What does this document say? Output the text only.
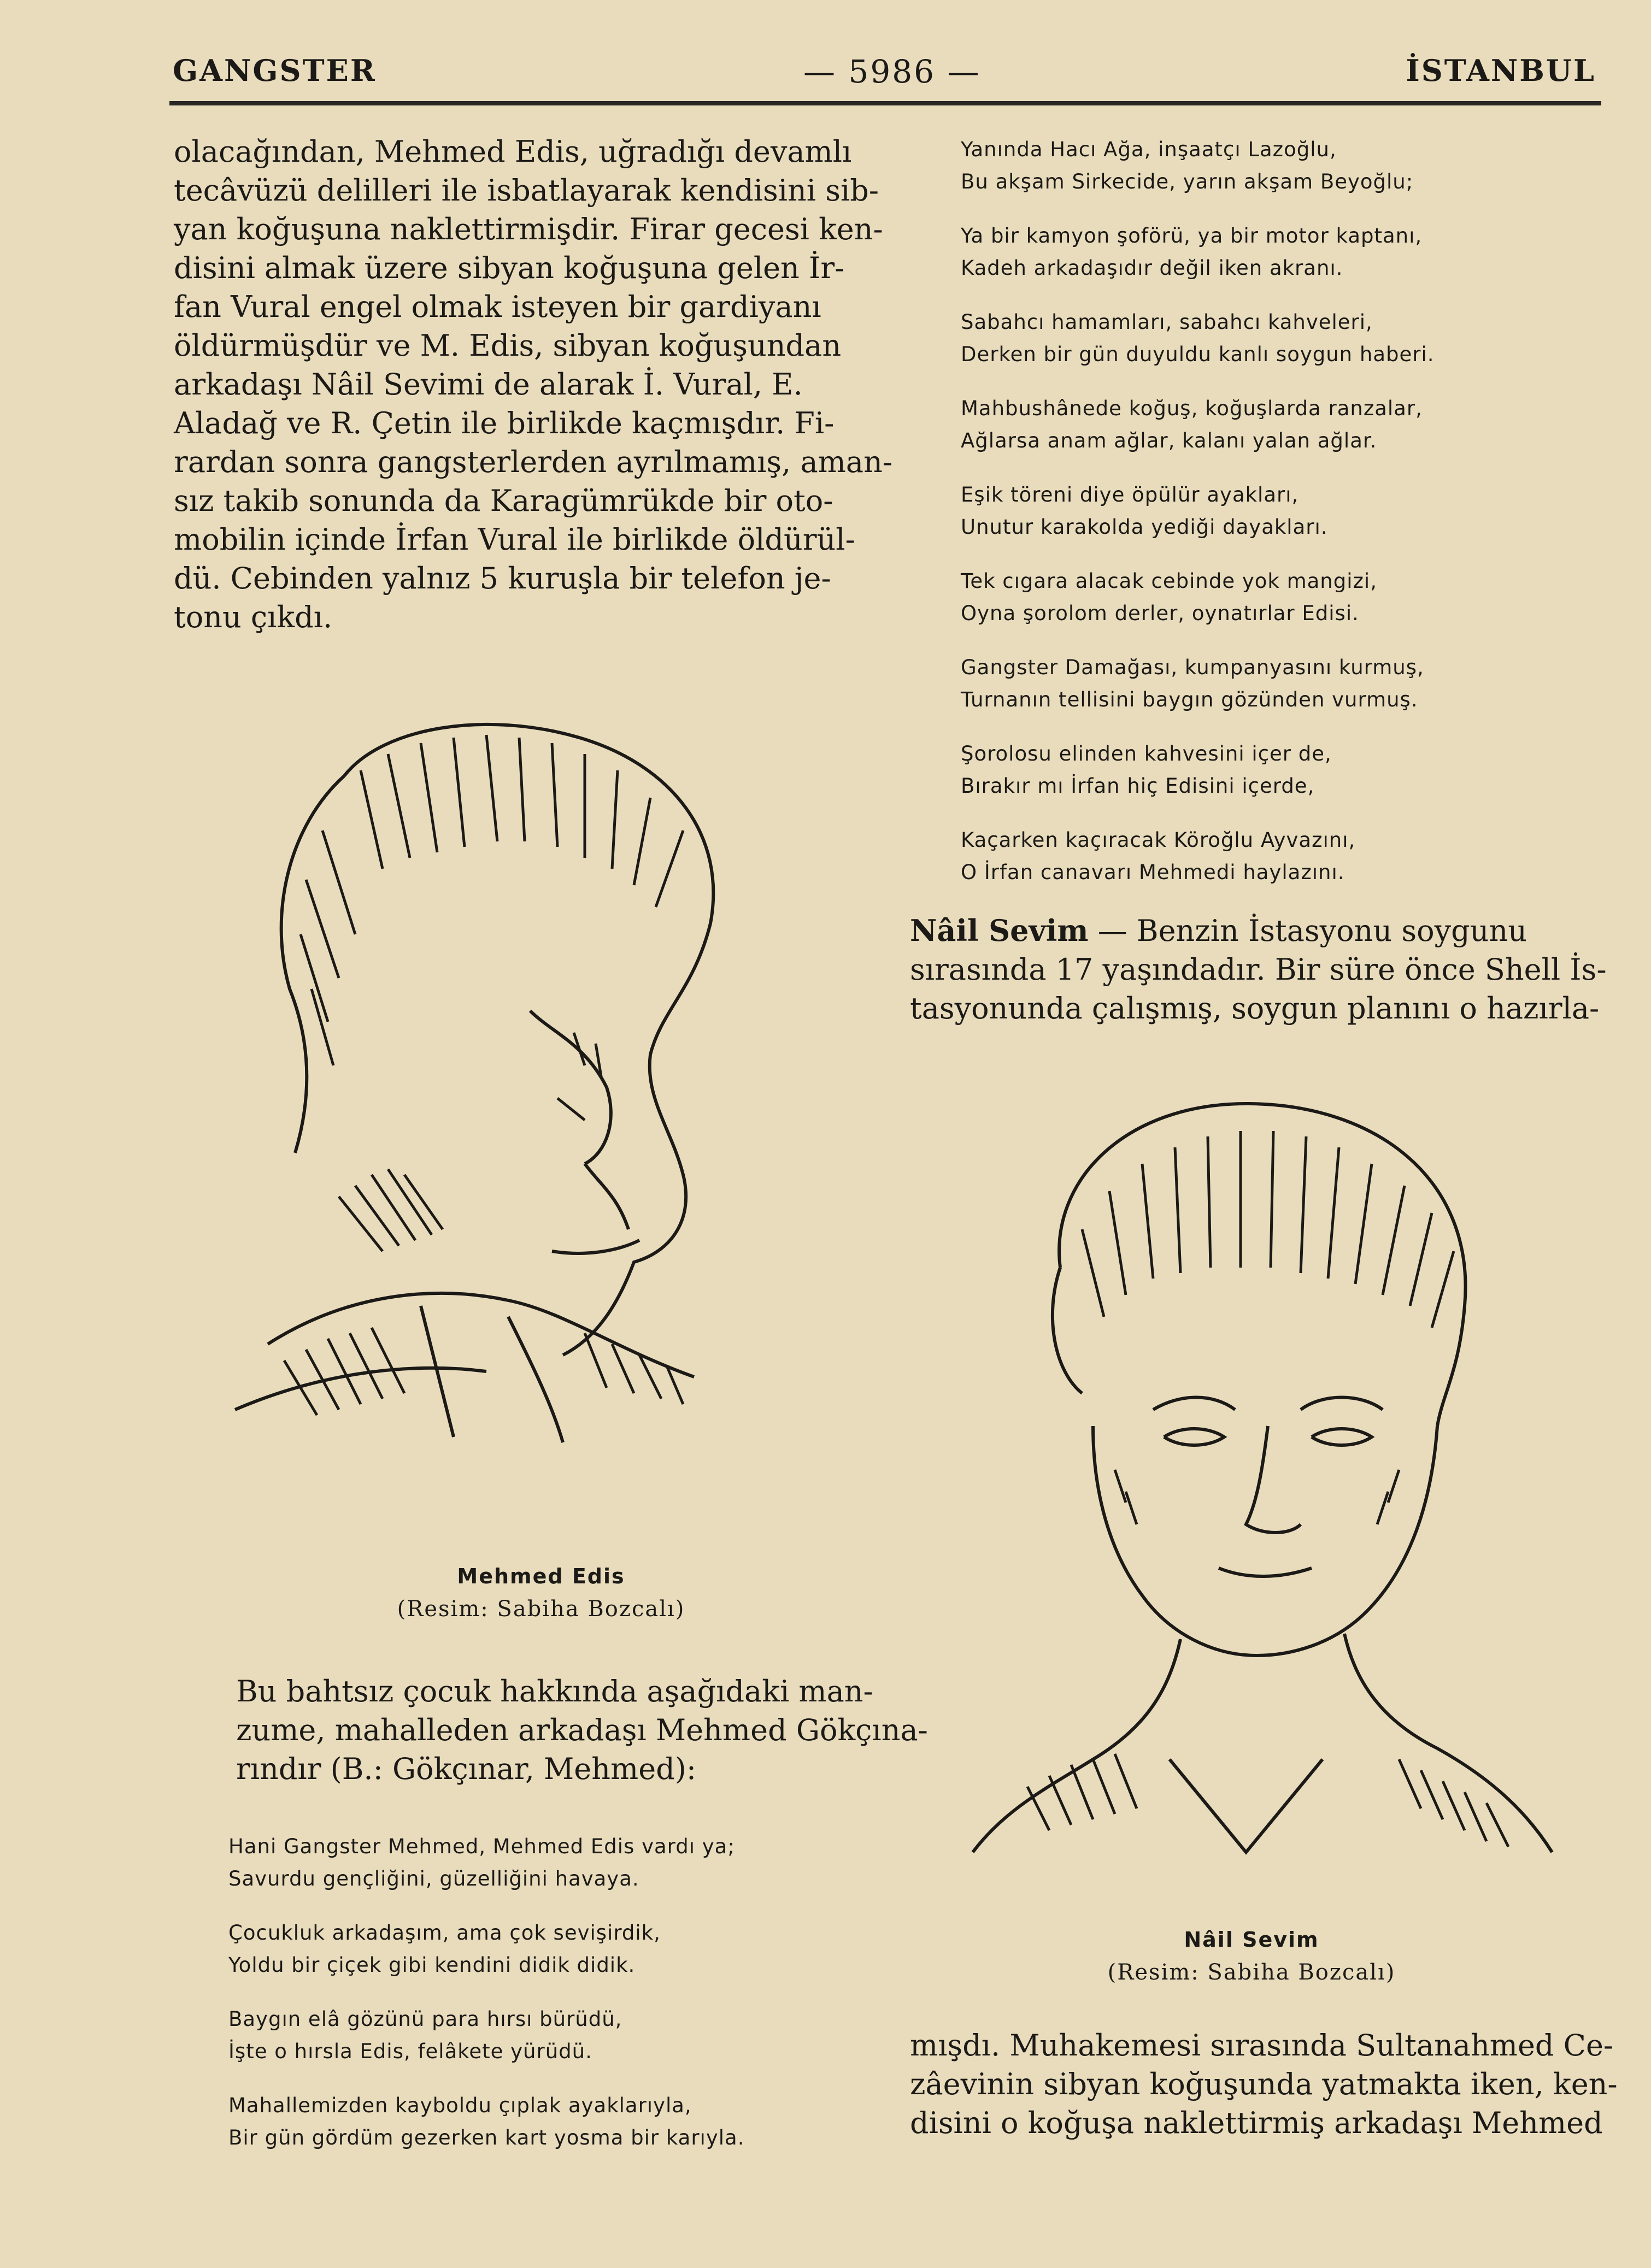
GANGSTER	— 5986 —	İSTANBUL
olacağından, Mehmed Edis, uğradığı devamlı
tecâvüzü delilleri ile isbatlayarak kendisini sib-
yan koğuşuna naklettirmişdir. Firar gecesi ken-
disini almak üzere sibyan koğuşuna gelen İr-
fan Vural engel olmak isteyen bir gardiyanı
öldürmüşdür ve M. Edis, sibyan koğuşundan
arkadaşı Nâil Sevimi de alarak İ. Vural, E.
Aladağ ve R. Çetin ile birlikde kaçmışdır. Fi-
rardan sonra gangsterlerden ayrılmamış, aman-
sız takib sonunda da Karagümrükde bir oto-
mobilin içinde İrfan Vural ile birlikde öldürül-
dü. Cebinden yalnız 5 kuruşla bir telefon je-
tonu çıkdı.
Mehmed Edis
(Resim: Sabiha Bozcalı)
Bu bahtsız çocuk hakkında aşağıdaki man-
zume, mahalleden arkadaşı Mehmed Gökçına-
rındır (B.: Gökçınar, Mehmed):
Hani Gangster Mehmed, Mehmed Edis vardı ya;
Savurdu gençliğini, güzelliğini havaya.
Çocukluk arkadaşım, ama çok sevişirdik,
Yoldu bir çiçek gibi kendini didik didik.
Baygın elâ gözünü para hırsı bürüdü,
İşte o hırsla Edis, felâkete yürüdü.
Mahallemizden kayboldu çıplak ayaklarıyla,
Bir gün gördüm gezerken kart yosma bir karıyla.
Yanında Hacı Ağa, inşaatçı Lazoğlu,
Bu akşam Sirkecide, yarın akşam Beyoğlu;
Ya bir kamyon şoförü, ya bir motor kaptanı,
Kadeh arkadaşıdır değil iken akranı.
Sabahcı hamamları, sabahcı kahveleri,
Derken bir gün duyuldu kanlı soygun haberi.
Mahbushânede koğuş, koğuşlarda ranzalar,
Ağlarsa anam ağlar, kalanı yalan ağlar.
Eşik töreni diye öpülür ayakları,
Unutur karakolda yediği dayakları.
Tek cıgara alacak cebinde yok mangizi,
Oyna şorolom derler, oynatırlar Edisi.
Gangster Damağası, kumpanyasını kurmuş,
Turnanın tellisini baygın gözünden vurmuş.
Şorolosu elinden kahvesini içer de,
Bırakır mı İrfan hiç Edisini içerde,
Kaçarken kaçıracak Köroğlu Ayvazını,
O İrfan canavarı Mehmedi haylazını.
Nâil Sevim — Benzin İstasyonu soygunu
sırasında 17 yaşındadır. Bir süre önce Shell İs-
tasyonunda çalışmış, soygun planını o hazırla-
Nâil Sevim
(Resim: Sabiha Bozcalı)
mışdı. Muhakemesi sırasında Sultanahmed Ce-
zâevinin sibyan koğuşunda yatmakta iken, ken-
disini o koğuşa naklettirmiş arkadaşı Mehmed
